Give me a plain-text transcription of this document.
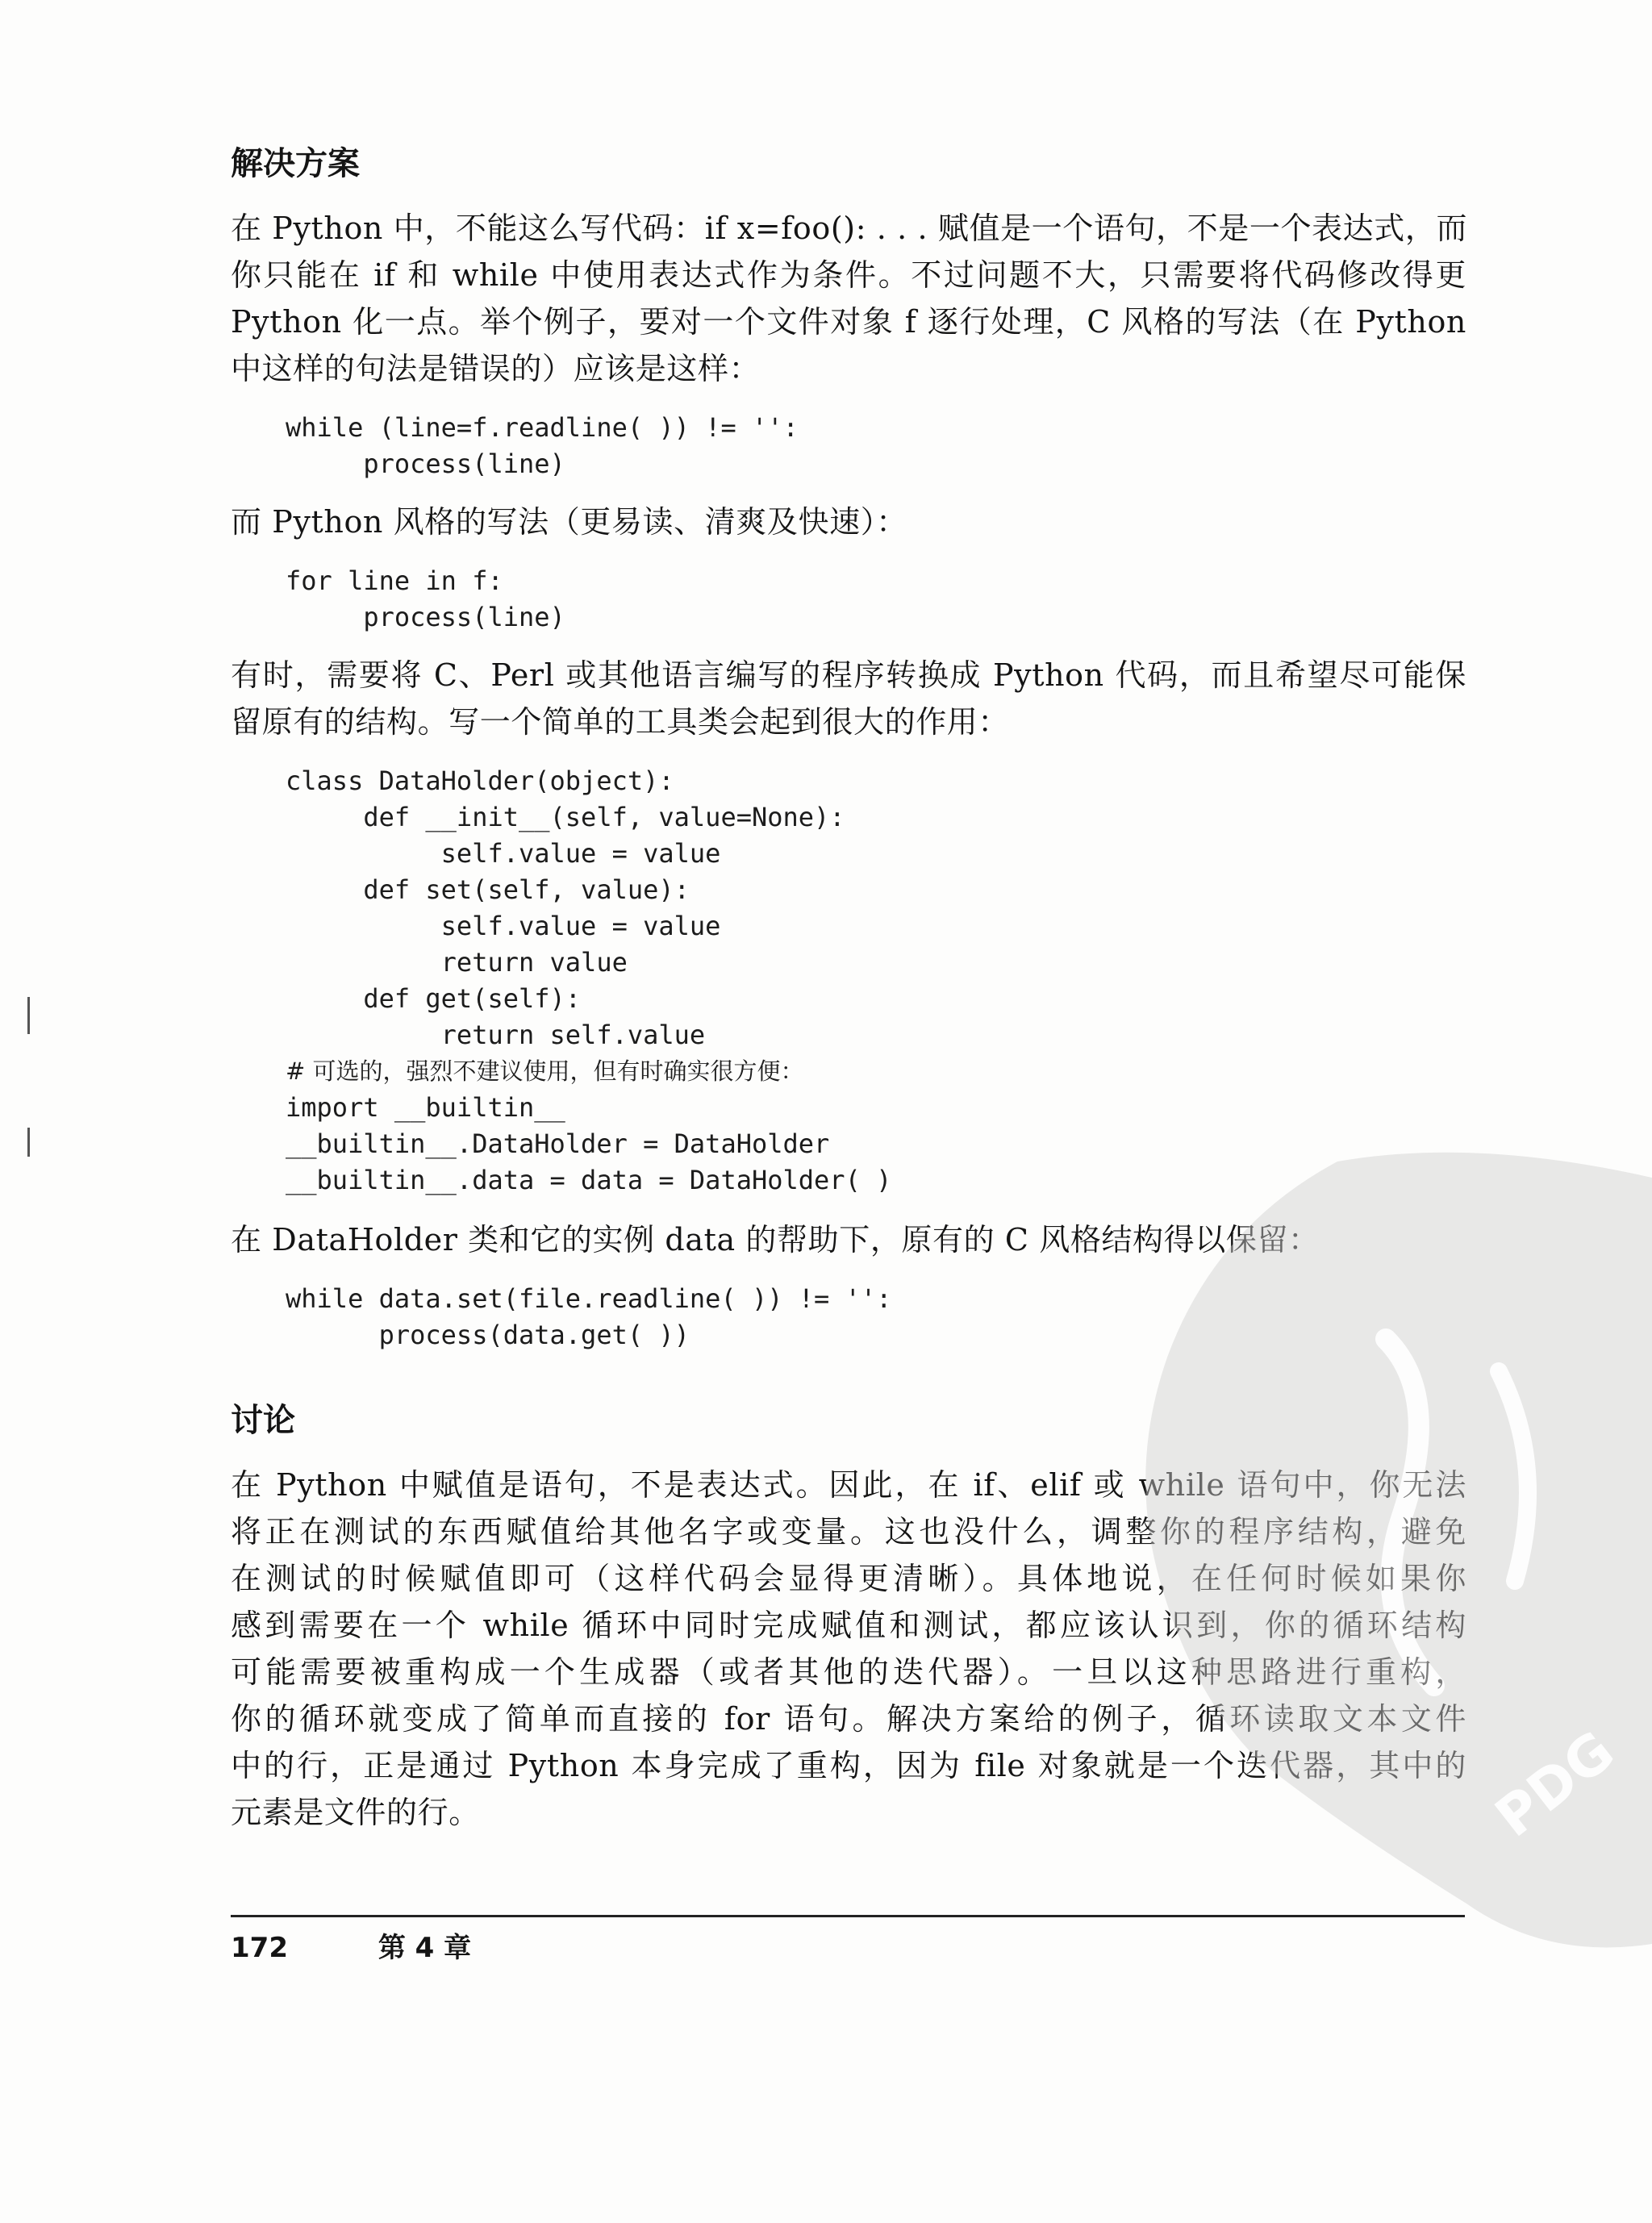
解决方案
在 Python 中，不能这么写代码：if x=foo(): . . . 赋值是一个语句，不是一个表达式，而
你只能在 if 和 while 中使用表达式作为条件。不过问题不大，只需要将代码修改得更
Python 化一点。举个例子，要对一个文件对象 f 逐行处理，C 风格的写法（在 Python
中这样的句法是错误的）应该是这样：
while (line=f.readline( )) != '':
process(line)
而 Python 风格的写法（更易读、清爽及快速）：
for line in f:
process(line)
有时，需要将 C、Perl 或其他语言编写的程序转换成 Python 代码，而且希望尽可能保
留原有的结构。写一个简单的工具类会起到很大的作用：
class DataHolder(object):
def __init__(self, value=None):
self.value = value
def set(self, value):
self.value = value
return value
def get(self):
return self.value
# 可选的，强烈不建议使用，但有时确实很方便：
import __builtin__
__builtin__.DataHolder = DataHolder
__builtin__.data = data = DataHolder( )
在 DataHolder 类和它的实例 data 的帮助下，原有的 C 风格结构得以保留：
while data.set(file.readline( )) != '':
process(data.get( ))
讨论
在 Python 中赋值是语句，不是表达式。因此，在 if、elif 或 while 语句中，你无法
将正在测试的东西赋值给其他名字或变量。这也没什么，调整你的程序结构，避免
在测试的时候赋值即可（这样代码会显得更清晰）。具体地说，在任何时候如果你
感到需要在一个 while 循环中同时完成赋值和测试，都应该认识到，你的循环结构
可能需要被重构成一个生成器（或者其他的迭代器）。一旦以这种思路进行重构，
你的循环就变成了简单而直接的 for 语句。解决方案给的例子，循环读取文本文件
中的行，正是通过 Python 本身完成了重构，因为 file 对象就是一个迭代器，其中的
元素是文件的行。
172	第 4 章
PDG
